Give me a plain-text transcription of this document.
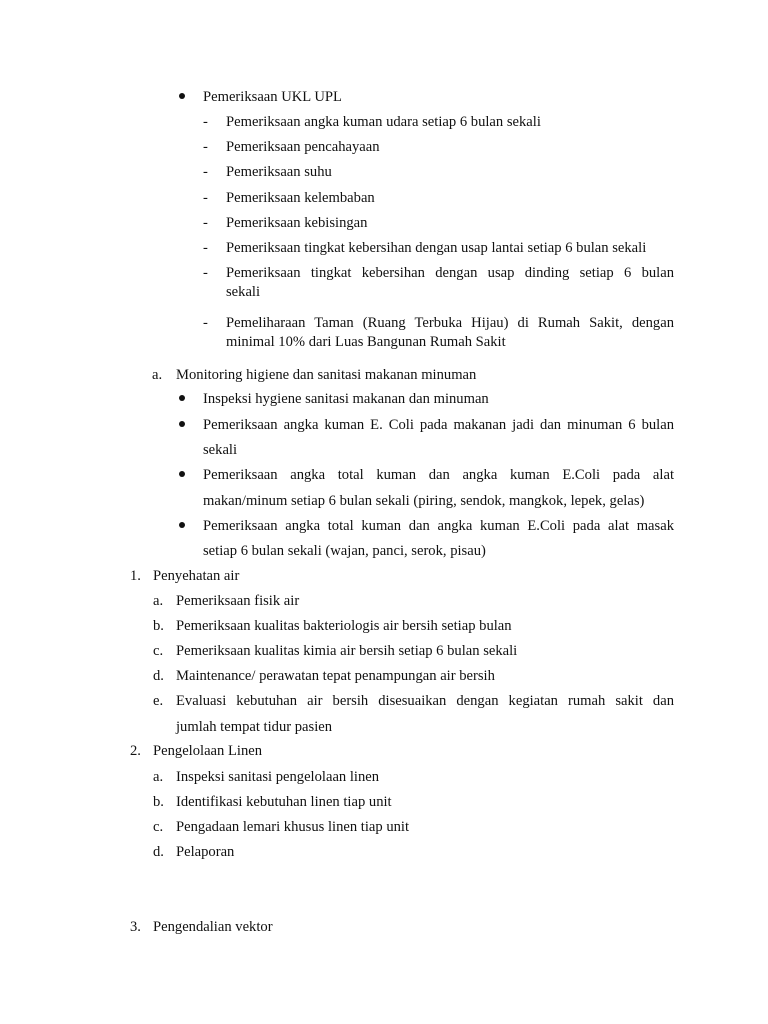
Pemeriksaan UKL UPL
- Pemeriksaan angka kuman udara setiap 6 bulan sekali
- Pemeriksaan pencahayaan
- Pemeriksaan suhu
- Pemeriksaan kelembaban
- Pemeriksaan kebisingan
- Pemeriksaan tingkat kebersihan dengan usap lantai setiap 6 bulan sekali
- Pemeriksaan tingkat kebersihan dengan usap dinding setiap 6 bulan
sekali
- Pemeliharaan Taman (Ruang Terbuka Hijau) di Rumah Sakit, dengan
minimal 10% dari Luas Bangunan Rumah Sakit
a. Monitoring higiene dan sanitasi makanan minuman
Inspeksi hygiene sanitasi makanan dan minuman
Pemeriksaan angka kuman E. Coli pada makanan jadi dan minuman 6 bulan
sekali
Pemeriksaan angka total kuman dan angka kuman E.Coli pada alat
makan/minum setiap 6 bulan sekali (piring, sendok, mangkok, lepek, gelas)
Pemeriksaan angka total kuman dan angka kuman E.Coli pada alat masak
setiap 6 bulan sekali (wajan, panci, serok, pisau)
1. Penyehatan air
a. Pemeriksaan fisik air
b. Pemeriksaan kualitas bakteriologis air bersih setiap bulan
c. Pemeriksaan kualitas kimia air bersih setiap 6 bulan sekali
d. Maintenance/ perawatan tepat penampungan air bersih
e. Evaluasi kebutuhan air bersih disesuaikan dengan kegiatan rumah sakit dan
jumlah tempat tidur pasien
2. Pengelolaan Linen
a. Inspeksi sanitasi pengelolaan linen
b. Identifikasi kebutuhan linen tiap unit
c. Pengadaan lemari khusus linen tiap unit
d. Pelaporan
3. Pengendalian vektor
